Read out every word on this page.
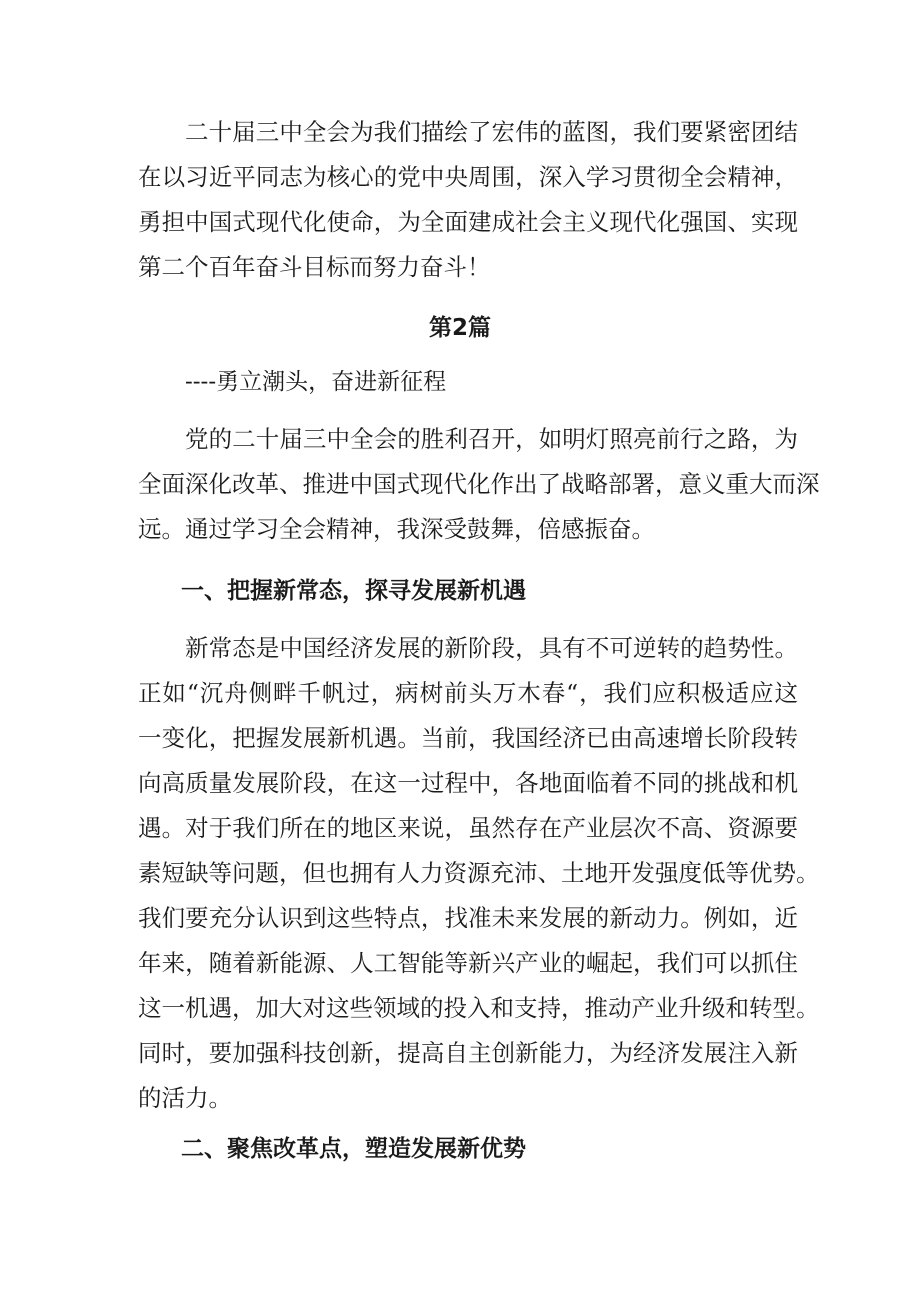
二十届三中全会为我们描绘了宏伟的蓝图，我们要紧密团结
在以习近平同志为核心的党中央周围，深入学习贯彻全会精神，
勇担中国式现代化使命，为全面建成社会主义现代化强国、实现
第二个百年奋斗目标而努力奋斗！
第2篇
----勇立潮头，奋进新征程
党的二十届三中全会的胜利召开，如明灯照亮前行之路，为
全面深化改革、推进中国式现代化作出了战略部署，意义重大而深
远。通过学习全会精神，我深受鼓舞，倍感振奋。
一、把握新常态，探寻发展新机遇
新常态是中国经济发展的新阶段，具有不可逆转的趋势性。
正如“沉舟侧畔千帆过，病树前头万木春“，我们应积极适应这
一变化，把握发展新机遇。当前，我国经济已由高速增长阶段转
向高质量发展阶段，在这一过程中，各地面临着不同的挑战和机
遇。对于我们所在的地区来说，虽然存在产业层次不高、资源要
素短缺等问题，但也拥有人力资源充沛、土地开发强度低等优势。
我们要充分认识到这些特点，找准未来发展的新动力。例如，近
年来，随着新能源、人工智能等新兴产业的崛起，我们可以抓住
这一机遇，加大对这些领域的投入和支持，推动产业升级和转型。
同时，要加强科技创新，提高自主创新能力，为经济发展注入新
的活力。
二、聚焦改革点，塑造发展新优势
